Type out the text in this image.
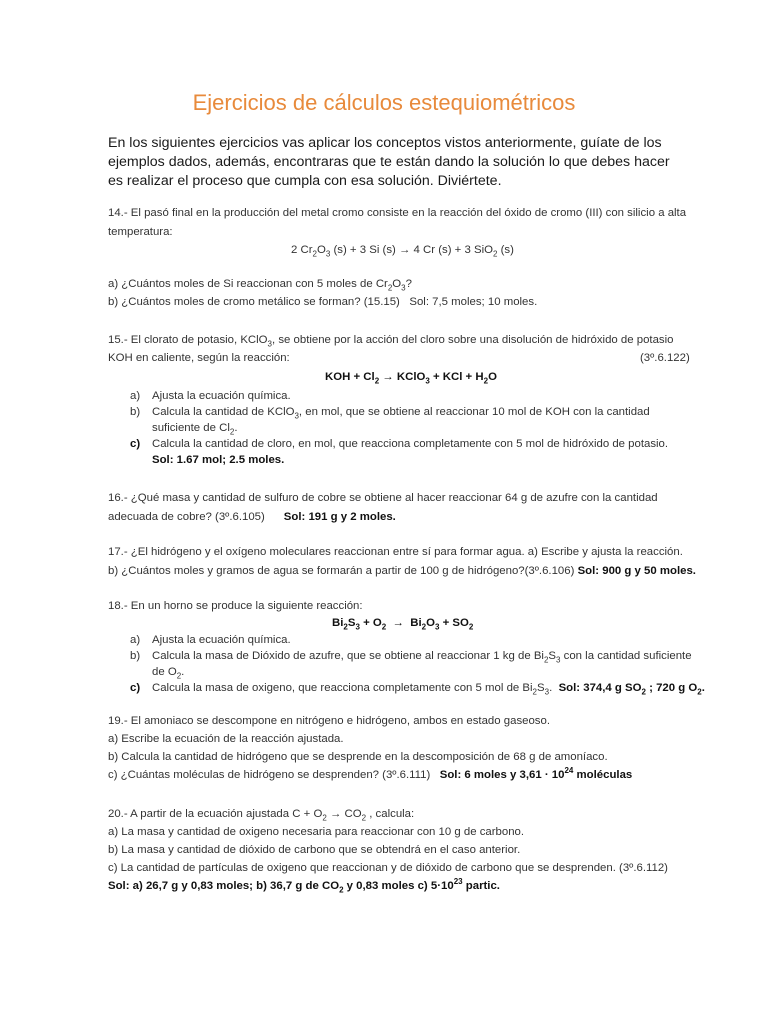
Ejercicios de cálculos estequiométricos
En los siguientes ejercicios vas aplicar los conceptos vistos anteriormente, guíate de los
ejemplos dados, además, encontraras que te están dando la solución lo que debes hacer
es realizar el proceso que cumpla con esa solución. Diviértete.
14.- El pasó final en la producción del metal cromo consiste en la reacción del óxido de cromo (III) con silicio a alta
temperatura:
2 $Cr_2O_3$ (s) + 3 Si (s) → 4 Cr (s) + 3 SiO$_2$ (s)
a) ¿Cuántos moles de Si reaccionan con 5 moles de $Cr_2O_3$?
b) ¿Cuántos moles de cromo metálico se forman? (15.15) Sol: 7,5 moles; 10 moles.
15.- El clorato de potasio, KClO$_3$, se obtiene por la acción del cloro sobre una disolución de hidróxido de potasio
KOH en caliente, según la reacción:	(3º.6.122)
KOH + $Cl_2$ → KClO$_3$ + KCl + $H_2O$
a)	Ajusta la ecuación química.
b)	Calcula la cantidad de KClO$_3$, en mol, que se obtiene al reaccionar 10 mol de KOH con la cantidad
suficiente de $Cl_2$.
c)	Calcula la cantidad de cloro, en mol, que reacciona completamente con 5 mol de hidróxido de potasio.
Sol: 1.67 mol; 2.5 moles.
16.- ¿Qué masa y cantidad de sulfuro de cobre se obtiene al hacer reaccionar 64 g de azufre con la cantidad
adecuada de cobre? (3º.6.105) Sol: 191 g y 2 moles.
17.- ¿El hidrógeno y el oxígeno moleculares reaccionan entre sí para formar agua. a) Escribe y ajusta la reacción.
b) ¿Cuántos moles y gramos de agua se formarán a partir de 100 g de hidrógeno?(3º.6.106) Sol: 900 g y 50 moles.
18.- En un horno se produce la siguiente reacción:
$Bi_2S_3 + O_2 \to Bi_2O_3 + SO_2$
a)	Ajusta la ecuación química.
b)	Calcula la masa de Dióxido de azufre, que se obtiene al reaccionar 1 kg de $Bi_2S_3$ con la cantidad suficiente
de $O_2$.
c)	Calcula la masa de oxigeno, que reacciona completamente con 5 mol de $Bi_2S_3$. Sol: 374,4 g $SO_2$ ; 720 g $O_2$.
19.- El amoniaco se descompone en nitrógeno e hidrógeno, ambos en estado gaseoso.
a) Escribe la ecuación de la reacción ajustada.
b) Calcula la cantidad de hidrógeno que se desprende en la descomposición de 68 g de amoníaco.
c) ¿Cuántas moléculas de hidrógeno se desprenden? (3º.6.111) Sol: 6 moles y $3,61 \cdot 10^{24}$ moléculas
20.- A partir de la ecuación ajustada $C + O_2 \to CO_2$ , calcula:
a) La masa y cantidad de oxigeno necesaria para reaccionar con 10 g de carbono.
b) La masa y cantidad de dióxido de carbono que se obtendrá en el caso anterior.
c) La cantidad de partículas de oxigeno que reaccionan y de dióxido de carbono que se desprenden. (3º.6.112)
Sol: a) 26,7 g y 0,83 moles; b) 36,7 g de $CO_2$ y 0,83 moles c) $5\cdot 10^{23}$ partic.
